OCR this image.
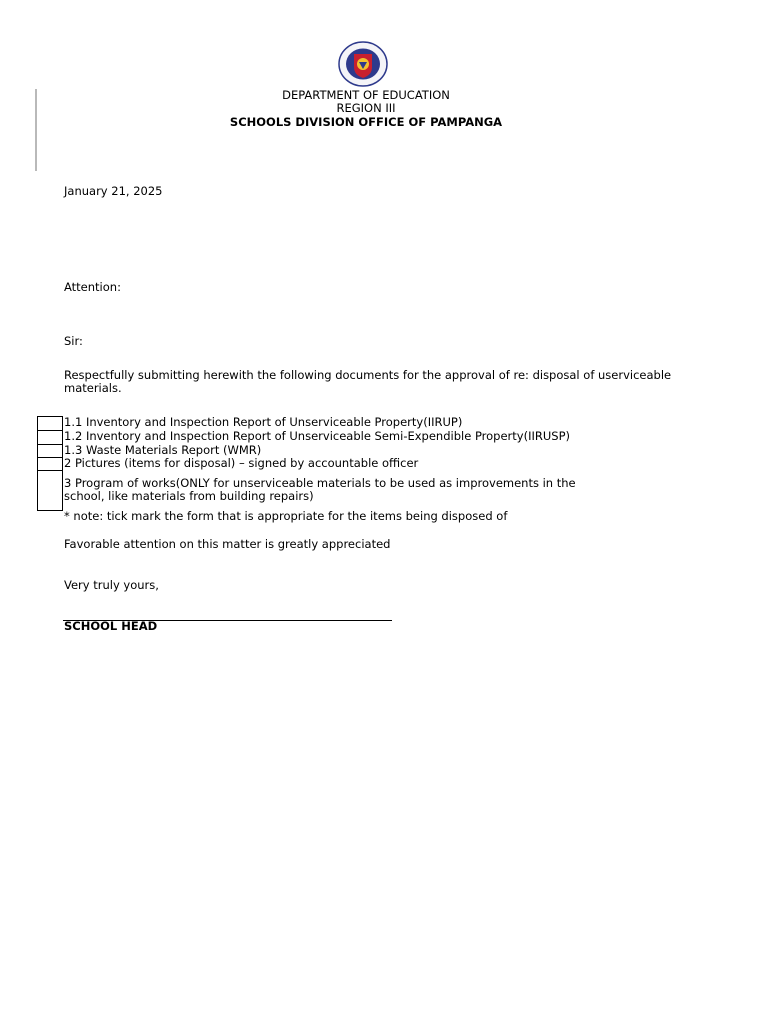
DEPARTMENT OF EDUCATION
REGION III
SCHOOLS DIVISION OFFICE OF PAMPANGA
January 21, 2025
Attention:
Sir:
Respectfully submitting herewith the following documents for the approval of re: disposal of userviceable
materials.
1.1 Inventory and Inspection Report of Unserviceable Property(IIRUP)
1.2 Inventory and Inspection Report of Unserviceable Semi-Expendible Property(IIRUSP)
1.3 Waste Materials Report (WMR)
2 Pictures (items for disposal) – signed by accountable officer
3 Program of works(ONLY for unserviceable materials to be used as improvements in the
school, like materials from building repairs)
* note: tick mark the form that is appropriate for the items being disposed of
Favorable attention on this matter is greatly appreciated
Very truly yours,
SCHOOL HEAD
